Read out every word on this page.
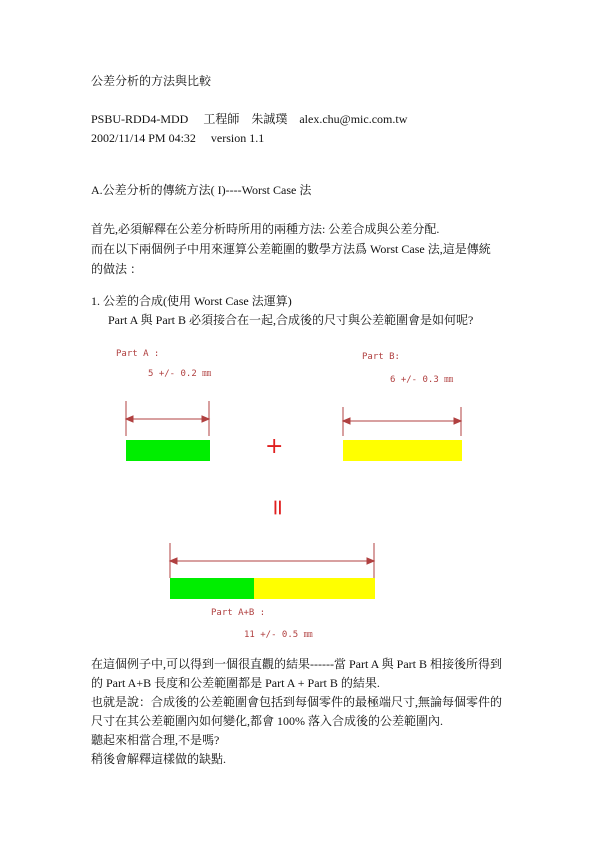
公差分析的方法與比較
PSBU-RDD4-MDD　 工程師　朱誠璞　alex.chu@mic.com.tw
2002/11/14 PM 04:32　 version 1.1
A.公差分析的傳統方法( I)----Worst Case 法
首先,必須解釋在公差分析時所用的兩種方法: 公差合成與公差分配.
而在以下兩個例子中用來運算公差範圍的數學方法爲 Worst Case 法,這是傳統
的做法 ：
1. 公差的合成(使用 Worst Case 法運算)
Part A 與 Part B 必須接合在一起,合成後的尺寸與公差範圍會是如何呢?
Part A :
5 +/- 0.2 ㎜
Part B:
6 +/- 0.3 ㎜
+
=
Part A+B :
11 +/- 0.5 ㎜
在這個例子中,可以得到一個很直觀的結果------當 Part A 與 Part B 相接後所得到
的 Part A+B 長度和公差範圍都是 Part A + Part B 的結果.
也就是說：合成後的公差範圍會包括到每個零件的最極端尺寸,無論每個零件的
尺寸在其公差範圍內如何變化,都會 100% 落入合成後的公差範圍內.
聽起來相當合理,不是嗎?
稍後會解釋這樣做的缺點.
